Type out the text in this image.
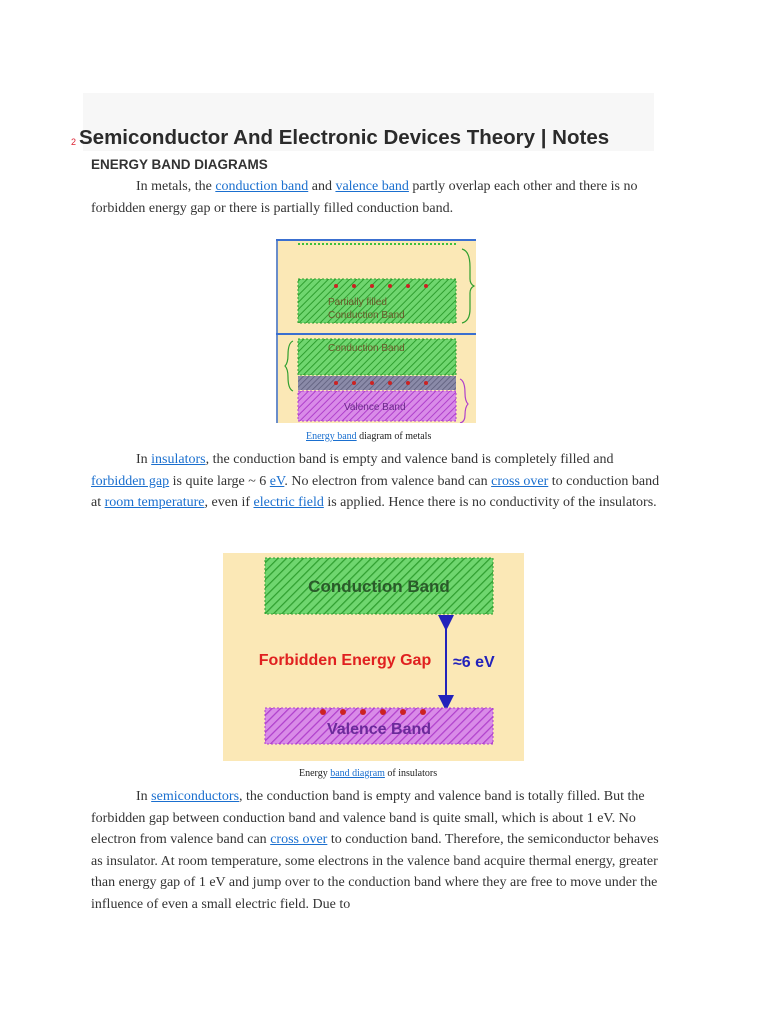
2 Semiconductor And Electronic Devices Theory | Notes
ENERGY BAND DIAGRAMS

In metals, the conduction band and valence band partly overlap each other and there is no forbidden energy gap or there is partially filled conduction band.

Partially filled
Conduction Band
Conduction Band
Valence Band
Energy band diagram of metals

In insulators, the conduction band is empty and valence band is completely filled and forbidden gap is quite large ~ 6 eV. No electron from valence band can cross over to conduction band at room temperature, even if electric field is applied. Hence there is no conductivity of the insulators.

Conduction Band
Forbidden Energy Gap ≈6 eV
Valence Band
Energy band diagram of insulators

In semiconductors, the conduction band is empty and valence band is totally filled. But the forbidden gap between conduction band and valence band is quite small, which is about 1 eV. No electron from valence band can cross over to conduction band. Therefore, the semiconductor behaves as insulator. At room temperature, some electrons in the valence band acquire thermal energy, greater than energy gap of 1 eV and jump over to the conduction band where they are free to move under the influence of even a small electric field. Due to
